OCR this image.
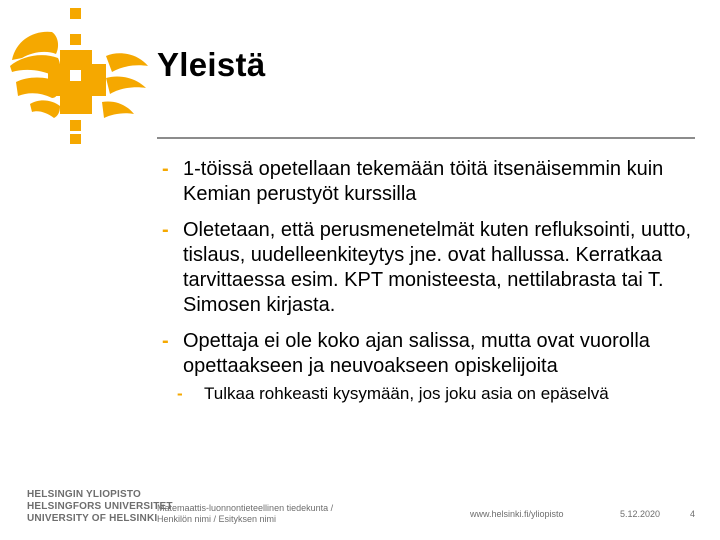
Yleistä
- 1-töissä opetellaan tekemään töitä itsenäisemmin kuin Kemian perustyöt kurssilla
- Oletetaan, että perusmenetelmät kuten refluksointi, uutto, tislaus, uudelleenkiteytys jne. ovat hallussa. Kerratkaa tarvittaessa esim. KPT monisteesta, nettilabrasta tai T. Simosen kirjasta.
- Opettaja ei ole koko ajan salissa, mutta ovat vuorolla opettaakseen ja neuvoakseen opiskelijoita
- Tulkaa rohkeasti kysymään, jos joku asia on epäselvä
HELSINGIN YLIOPISTO
HELSINGFORS UNIVERSITET
UNIVERSITY OF HELSINKI
Matemaattis-luonnontieteellinen tiedekunta /
Henkilön nimi / Esityksen nimi	www.helsinki.fi/yliopisto	5.12.2020	4
